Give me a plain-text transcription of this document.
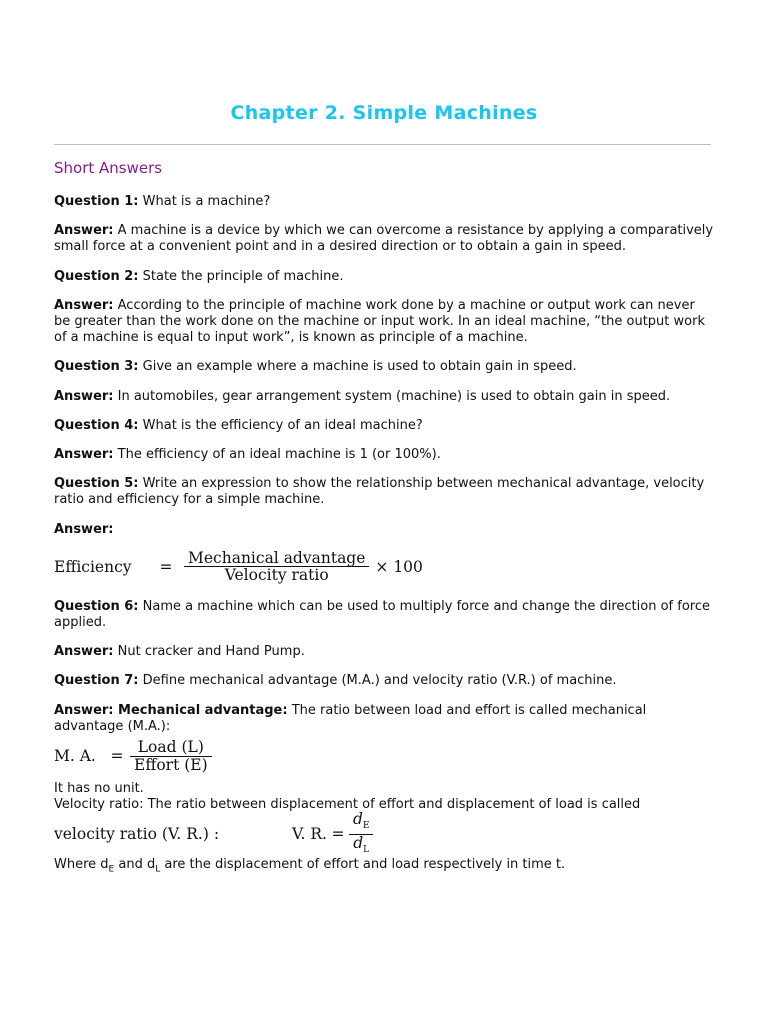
Chapter 2. Simple Machines
Short Answers

Question 1: What is a machine?

Answer: A machine is a device by which we can overcome a resistance by applying a comparatively small force at a convenient point and in a desired direction or to obtain a gain in speed.

Question 2: State the principle of machine.

Answer: According to the principle of machine work done by a machine or output work can never be greater than the work done on the machine or input work. In an ideal machine, “the output work of a machine is equal to input work”, is known as principle of a machine.

Question 3: Give an example where a machine is used to obtain gain in speed.

Answer: In automobiles, gear arrangement system (machine) is used to obtain gain in speed.

Question 4: What is the efficiency of an ideal machine?

Answer: The efficiency of an ideal machine is 1 (or 100%).

Question 5: Write an expression to show the relationship between mechanical advantage, velocity ratio and efficiency for a simple machine.

Answer:

Efficiency	= $\frac{\text{Mechanical advantage}}{\text{Velocity ratio}} \times 100$

Question 6: Name a machine which can be used to multiply force and change the direction of force applied.

Answer: Nut cracker and Hand Pump.

Question 7: Define mechanical advantage (M.A.) and velocity ratio (V.R.) of machine.

Answer: Mechanical advantage: The ratio between load and effort is called mechanical advantage (M.A.):

M. A. = $\frac{\text{Load (L)}}{\text{Effort (E)}}$
It has no unit.
Velocity ratio: The ratio between displacement of effort and displacement of load is called
velocity ratio (V. R.) :	V. R. = $\frac{d_E}{d_L}$
Where $d_E$ and $d_L$ are the displacement of effort and load respectively in time t.
